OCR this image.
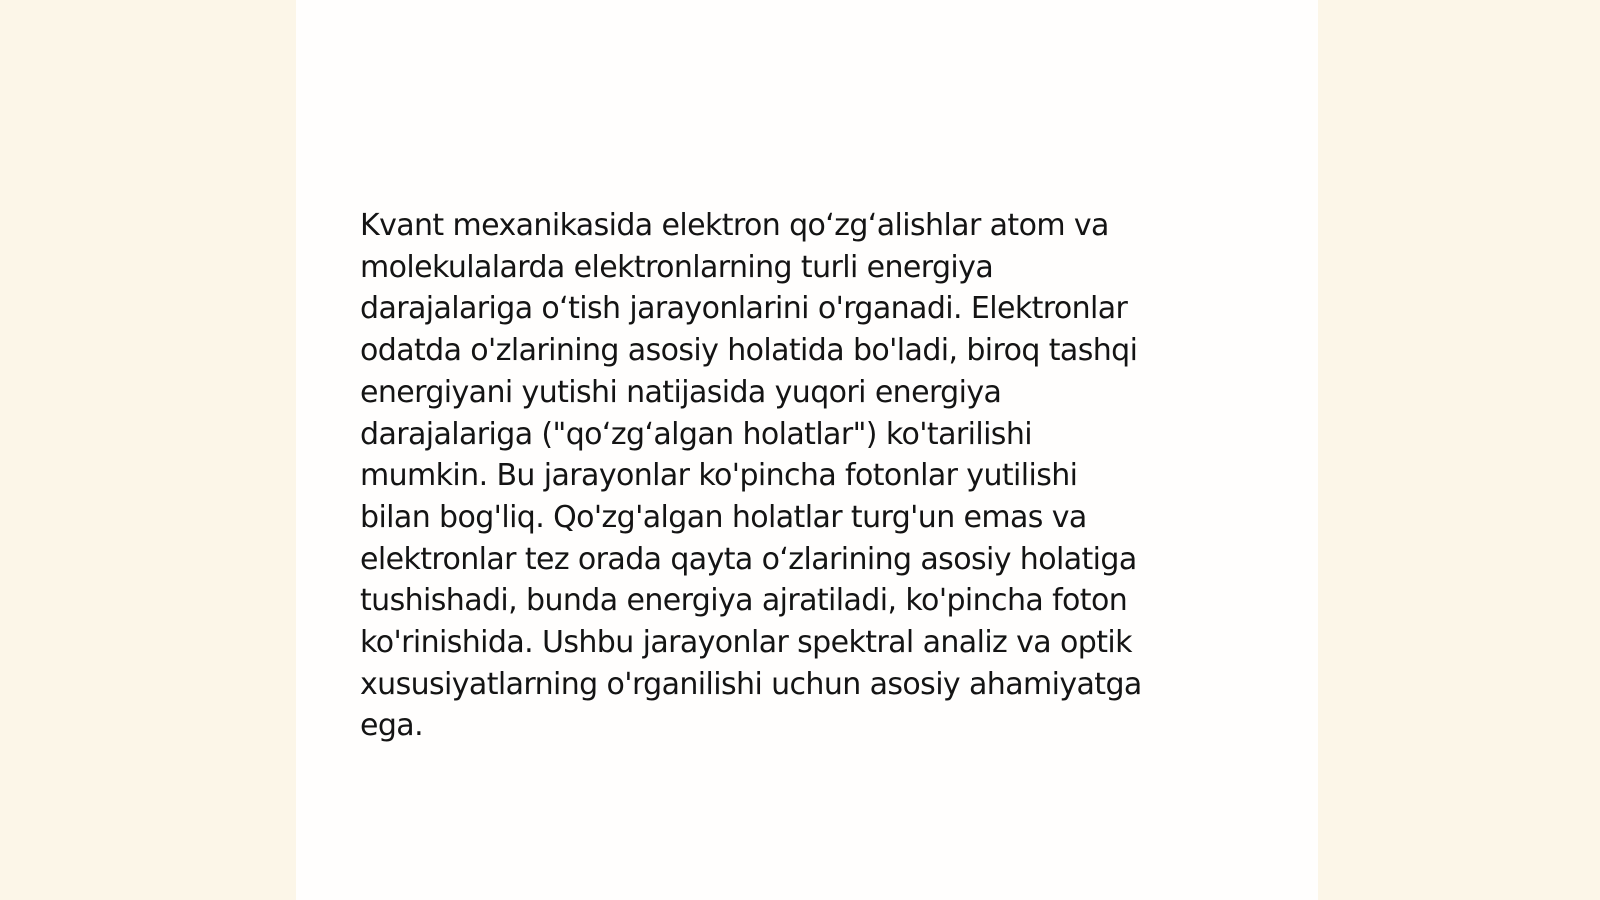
Kvant mexanikasida elektron qo‘zg‘alishlar atom va
molekulalarda elektronlarning turli energiya
darajalariga o‘tish jarayonlarini o'rganadi. Elektronlar
odatda o'zlarining asosiy holatida bo'ladi, biroq tashqi
energiyani yutishi natijasida yuqori energiya
darajalariga ("qo‘zg‘algan holatlar") ko'tarilishi
mumkin. Bu jarayonlar ko'pincha fotonlar yutilishi
bilan bog'liq. Qo'zg'algan holatlar turg'un emas va
elektronlar tez orada qayta o‘zlarining asosiy holatiga
tushishadi, bunda energiya ajratiladi, ko'pincha foton
ko'rinishida. Ushbu jarayonlar spektral analiz va optik
xususiyatlarning o'rganilishi uchun asosiy ahamiyatga
ega.
